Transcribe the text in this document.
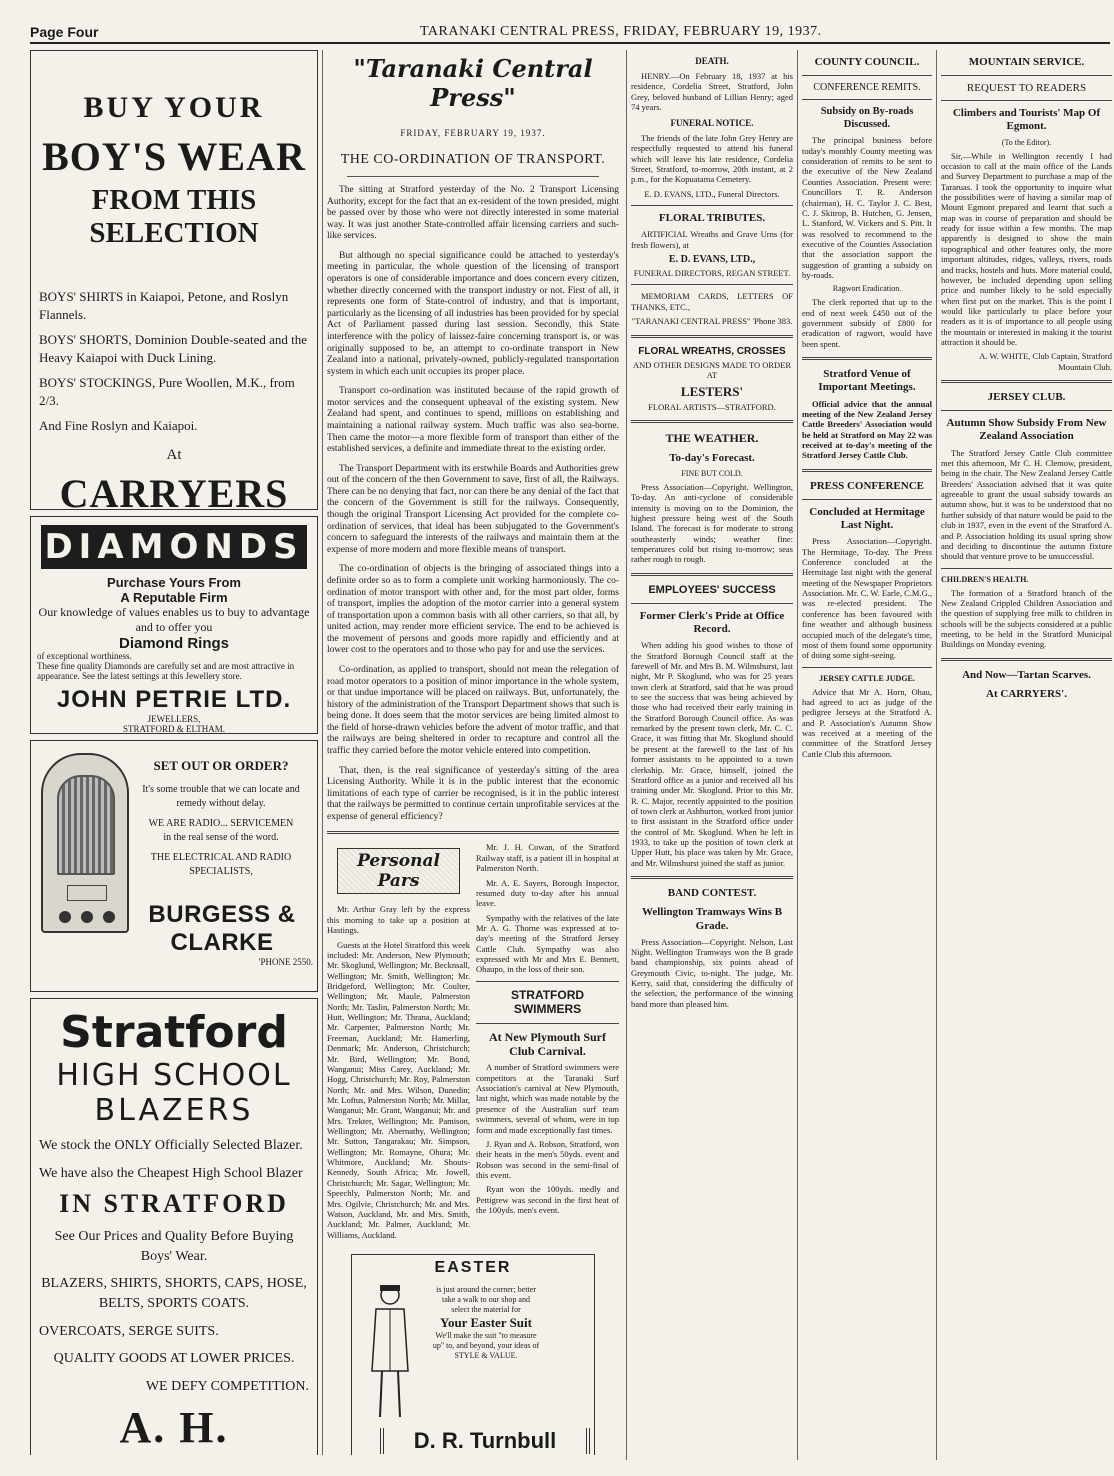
Page Four	TARANAKI CENTRAL PRESS, FRIDAY, FEBRUARY 19, 1937.
BUY YOUR
BOY'S WEAR
FROM THIS SELECTION
BOYS' SHIRTS in Kaiapoi, Petone, and Roslyn Flannels.
BOYS' SHORTS, Dominion Double-seated and the Heavy Kaiapoi with Duck Lining.
BOYS' STOCKINGS, Pure Woollen, M.K., from 2/3.
And Fine Roslyn and Kaiapoi.
At
CARRYERS
DIAMONDS
Purchase Yours From
A Reputable Firm
Our knowledge of values enables us to buy to advantage and to offer you
Diamond Rings
of exceptional worthiness.
These fine quality Diamonds are carefully set and are most attractive in appearance. See the latest settings at this Jewellery store.
JOHN PETRIE LTD.
JEWELLERS,
STRATFORD & ELTHAM.
SET OUT OR ORDER?
It's some trouble that we can locate and remedy without delay.
WE ARE RADIO... SERVICEMEN
in the real sense of the word.
THE ELECTRICAL AND RADIO SPECIALISTS,
BURGESS & CLARKE
'PHONE 2550.
Stratford
HIGH SCHOOL
BLAZERS
We stock the ONLY Officially Selected Blazer.
We have also the Cheapest High School Blazer
IN STRATFORD
See Our Prices and Quality Before Buying Boys' Wear.
BLAZERS, SHIRTS, SHORTS, CAPS, HOSE, BELTS, SPORTS COATS.
OVERCOATS, SERGE SUITS.
QUALITY GOODS AT LOWER PRICES.
WE DEFY COMPETITION.
A. H.
"Taranaki Central Press"
FRIDAY, FEBRUARY 19, 1937.
THE CO-ORDINATION OF TRANSPORT.

The sitting at Stratford yesterday of the No. 2 Transport Licensing Authority, except for the fact that an ex-resident of the town presided, might be passed over by those who were not directly interested in some material way. It was just another State-controlled affair licensing carriers and such-like services.

But although no special significance could be attached to yesterday's meeting in particular, the whole question of the licensing of transport operators is one of considerable importance and does concern every citizen, whether directly concerned with the transport industry or not. First of all, it represents one form of State-control of industry, and that is important, particularly as the licensing of all industries has been provided for by special Act of Parliament passed during last session. Secondly, this State interference with the policy of laissez-faire concerning transport is, or was originally supposed to be, an attempt to co-ordinate transport in New Zealand into a national, privately-owned, publicly-regulated transportation system in which each unit occupies its proper place.

Transport co-ordination was instituted because of the rapid growth of motor services and the consequent upheaval of the existing system. New Zealand had spent, and continues to spend, millions on establishing and maintaining a national railway system. Much traffic was also sea-borne. Then came the motor—a more flexible form of transport than either of the established services, a definite and immediate threat to the existing order.

The Transport Department with its erstwhile Boards and Authorities grew out of the concern of the then Government to save, first of all, the Railways. There can be no denying that fact, nor can there be any denial of the fact that the concern of the Government is still for the railways. Consequently, though the original Transport Licensing Act provided for the complete co-ordination of services, that ideal has been subjugated to the Government's concern to safeguard the interests of the railways and maintain them at the expense of more modern and more flexible means of transport.

The co-ordination of objects is the bringing of associated things into a definite order so as to form a complete unit working harmoniously. The co-ordination of motor transport with other and, for the most part older, forms of transport, implies the adoption of the motor carrier into a general system of transportation upon a common basis with all other carriers, so that all, by united action, may render more efficient service. The end to be achieved is the movement of persons and goods more rapidly and efficiently and at lower cost to the operators and to those who pay for and use the services.

Co-ordination, as applied to transport, should not mean the relegation of road motor operators to a position of minor importance in the whole system, or that undue importance will be placed on railways. But, unfortunately, the history of the administration of the Transport Department shows that such is being done. It does seem that the motor services are being limited almost to the field of horse-drawn vehicles before the advent of motor traffic, and that the railways are being sheltered in order to recapture and control all the traffic they carried before the motor vehicle entered into competition.

That, then, is the real significance of yesterday's sitting of the area Licensing Authority. While it is in the public interest that the economic limitations of each type of carrier be recognised, is it in the public interest that the railways be permitted to continue certain unprofitable services at the expense of general efficiency?

Personal Pars

Mr. Arthur Gray left by the express this morning to take up a position at Hastings.

Guests at the Hotel Stratford this week included: Mr. Anderson, New Plymouth; Mr. Skoglund, Wellington; Mr. Becknsall, Wellington; Mr. Smith, Wellington; Mr. Bridgeford, Wellington; Mr. Coulter, Wellington; Mr. Maule, Palmerston North; Mr. Taslin, Palmerston North; Mr. Hutt, Wellington; Mr. Thrana, Auckland; Mr. Carpenter, Palmerston North; Mr. Freeman, Auckland; Mr. Hamerling, Denmark; Mr. Anderson, Christchurch; Mr. Bird, Wellington; Mr. Bond, Wanganui; Miss Carey, Auckland; Mr. Hogg, Christchurch; Mr. Roy, Palmerston North; Mr. and Mrs. Wilson, Dunedin; Mr. Loftus, Palmerston North; Mr. Millar, Wanganui; Mr. Grant, Wanganui; Mr. and Mrs. Trekter, Wellington; Mr. Pamison, Wellington; Mr. Abernathy, Wellington; Mr. Sutton, Tangarakau; Mr. Simpson, Wellington; Mr. Romayne, Ohura; Mr. Whitmore, Auckland; Mr. Shouts-Kennedy, South Africa; Mr. Jowell, Christchurch; Mr. Sagar, Wellington; Mr. Speechly, Palmerston North; Mr. and Mrs. Ogilvie, Christchurch; Mr. and Mrs. Watson, Auckland, Mr. and Mrs. Smith, Auckland; Mr. Palmer, Auckland; Mr. Williams, Auckland.

Mr. J. H. Cowan, of the Stratford Railway staff, is a patient ill in hospital at Palmerston North.

Mr. A. E. Sayers, Borough Inspector, resumed duty to-day after his annual leave.

Sympathy with the relatives of the late Mr A. G. Thorne was expressed at to-day's meeting of the Stratford Jersey Cattle Club. Sympathy was also expressed with Mr and Mrs E. Bennett, Ohaupo, in the loss of their son.

STRATFORD SWIMMERS
At New Plymouth Surf Club Carnival.

A number of Stratford swimmers were competitors at the Taranaki Surf Association's carnival at New Plymouth, last night, which was made notable by the presence of the Australian surf team swimmers, several of whom, were in top form and made exceptionally fast times.

J. Ryan and A. Robson, Stratford, won their heats in the men's 50yds. event and Robson was second in the semi-final of this event.

Ryan won the 100yds. medly and Pettigrew was second in the first heat of the 100yds. men's event.

EASTER
is just around the corner; better take a walk to our shop and select the material for
Your Easter Suit
We'll make the suit "to measure up" to, and beyond, your ideas of STYLE & VALUE.
D. R. Turnbull
DEATH.

HENRY.—On February 18, 1937 at his residence, Cordelia Street, Stratford, John Grey, beloved husband of Lillian Henry; aged 74 years.

FUNERAL NOTICE.

The friends of the late John Grey Henry are respectfully requested to attend his funeral which will leave his late residence, Cordelia Street, Stratford, to-morrow, 20th instant, at 2 p.m., for the Kopuatama Cemetery.

E. D. EVANS, LTD., Funeral Directors.

FLORAL TRIBUTES.

ARTIFICIAL Wreaths and Grave Urns (for fresh flowers), at

E. D. EVANS, LTD.,

FUNERAL DIRECTORS, REGAN STREET.

MEMORIAM CARDS, LETTERS OF THANKS, ETC.,

"TARANAKI CENTRAL PRESS" 'Phone 383.

FLORAL WREATHS, CROSSES

AND OTHER DESIGNS MADE TO ORDER AT

LESTERS'

FLORAL ARTISTS—STRATFORD.

THE WEATHER.
To-day's Forecast.
FINE BUT COLD.

Press Association—Copyright. Wellington, To-day. An anti-cyclone of considerable intensity is moving on to the Dominion, the highest pressure being west of the South Island. The forecast is for moderate to strong southeasterly winds; weather fine: temperatures cold but rising to-morrow; seas rather rough to rough.

EMPLOYEES' SUCCESS
Former Clerk's Pride at Office Record.

When adding his good wishes to those of the Stratford Borough Council staff at the farewell of Mr. and Mrs B. M. Wilmshurst, last night, Mr P. Skoglund, who was for 25 years town clerk at Stratford, said that he was proud to see the success that was being achieved by those who had received their early training in the Stratford Borough Council office. As was remarked by the present town clerk, Mr. C. C. Grace, it was fitting that Mr. Skoglund should be present at the farewell to the last of his former assistants to be appointed to a town clerkship. Mr. Grace, himself, joined the Stratford office as a junior and received all his training under Mr. Skoglund. Prior to this Mr. R. C. Major, recently appointed to the position of town clerk at Ashburton, worked from junior to first assistant in the Stratford office under the control of Mr. Skoglund. When he left in 1933, to take up the position of town clerk at Upper Hutt, his place was taken by Mr. Grace, and Mr. Wilmshurst joined the staff as junior.

BAND CONTEST.
Wellington Tramways Wins B Grade.

Press Association—Copyright. Nelson, Last Night. Wellington Tramways won the B grade band championship, six points ahead of Greymouth Civic, to-night. The judge, Mr. Kerry, said that, considering the difficulty of the selection, the performance of the winning band more than pleased him.

COUNTY COUNCIL.
CONFERENCE REMITS.
Subsidy on By-roads Discussed.

The principal business before today's monthly County meeting was consideration of remits to be sent to the executive of the New Zealand Counties Association. Present were: Councillors T. R. Anderson (chairman), H. C. Taylor J. C. Best, C. J. Skitrop, B. Hutchen, G. Jensen, L. Stanford, W. Vickers and S. Pitt. It was resolved to recommend to the executive of the Counties Association that the association support the suggestion of granting a subsidy on by-roads.

Ragwort Eradication.

The clerk reported that up to the end of next week £450 out of the government subsidy of £800 for eradication of ragwort, would have been spent.

Stratford Venue of Important Meetings.

Official advice that the annual meeting of the New Zealand Jersey Cattle Breeders' Association would be held at Stratford on May 22 was received at to-day's meeting of the Stratford Jersey Cattle Club.

PRESS CONFERENCE
Concluded at Hermitage Last Night.

Press Association—Copyright. The Hermitage, To-day. The Press Conference concluded at the Hermitage last night with the general meeting of the Newspaper Proprietors Association. Mr. C. W. Earle, C.M.G., was re-elected president. The conference has been favoured with fine weather and although business occupied much of the delegate's time, most of them found some opportunity of doing some sight-seeing.

JERSEY CATTLE JUDGE.

Advice that Mr A. Horn, Ohau, had agreed to act as judge of the pedigree Jerseys at the Stratford A. and P. Association's Autumn Show was received at a meeting of the committee of the Stratford Jersey Cattle Club this afternoon.

MOUNTAIN SERVICE.
REQUEST TO READERS
Climbers and Tourists' Map Of Egmont.
(To the Editor).

Sir,—While in Wellington recently I had occasion to call at the main office of the Lands and Survey Department to purchase a map of the Tararuas. I took the opportunity to inquire what the possibilities were of having a similar map of Mount Egmont prepared and learnt that such a map was in course of preparation and should be ready for issue within a few months. The map apparently is designed to show the main topographical and other features only, the more important altitudes, ridges, valleys, rivers, roads and tracks, hostels and huts. More material could, however, be included depending upon selling price and number likely to be sold especially when first put on the market. This is the point I would like particularly to place before your readers as it is of importance to all people using the mountain or interested in making it the tourist attraction it should be.

A. W. WHITE, Club Captain, Stratford Mountain Club.

JERSEY CLUB.
Autumn Show Subsidy From New Zealand Association

The Stratford Jersey Cattle Club committee met this afternoon, Mr C. H. Clemow, president, being in the chair. The New Zealand Jersey Cattle Breeders' Association advised that it was quite agreeable to grant the usual subsidy towards an autumn show, but it was to be understood that no further subsidy of that nature would be paid to the club in 1937, even in the event of the Stratford A. and P. Association holding its usual spring show and deciding to discontinue the autumn fixture should that venture prove to be unsuccessful.

CHILDREN'S HEALTH.

The formation of a Stratford branch of the New Zealand Crippled Children Association and the question of supplying free milk to children in schools will be the subjects considered at a public meeting, to be held in the Stratford Municipal Buildings on Monday evening.

And Now—Tartan Scarves.
At CARRYERS'.
